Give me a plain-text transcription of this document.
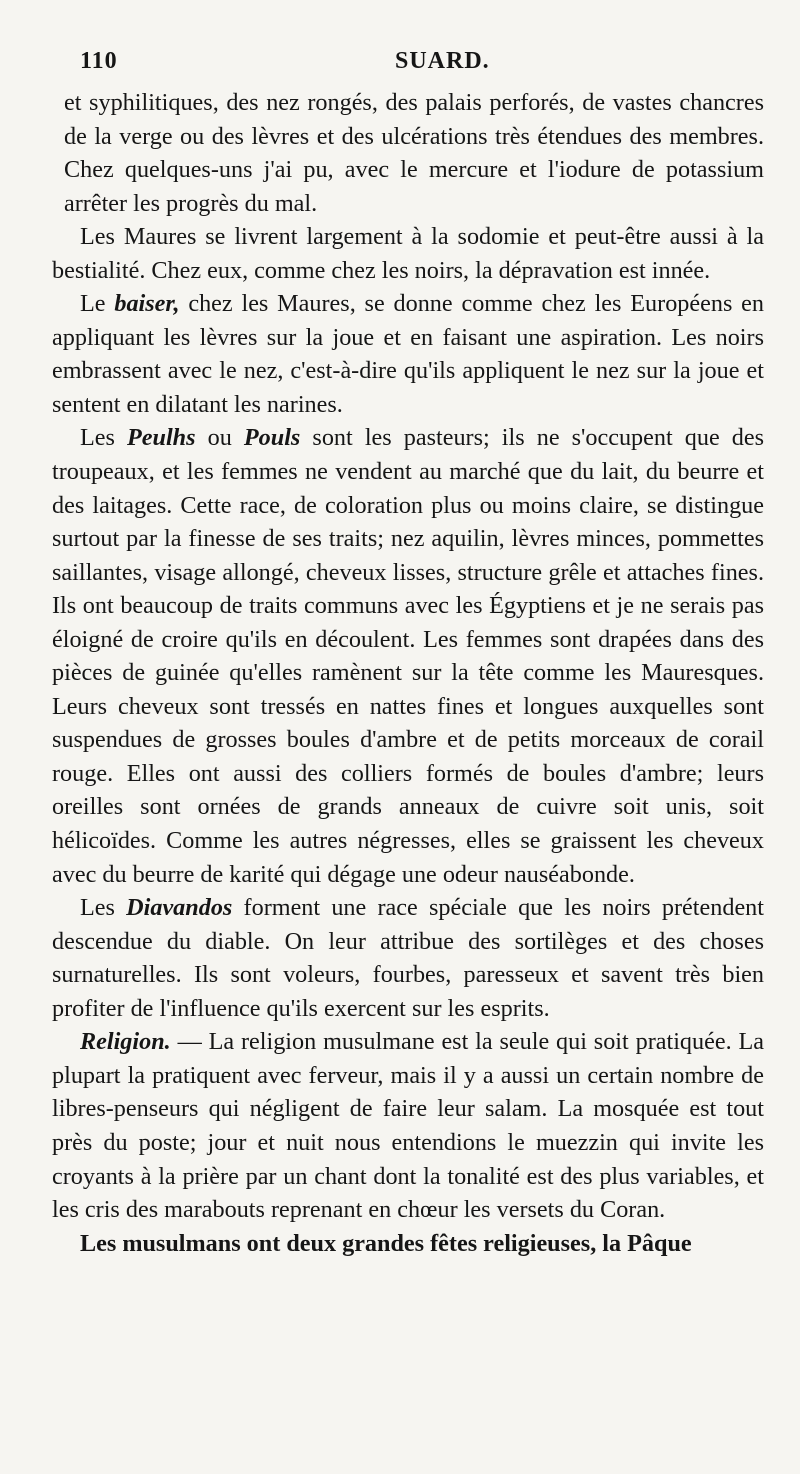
110	SUARD.

et syphilitiques, des nez rongés, des palais perforés, de vastes chancres de la verge ou des lèvres et des ulcérations très étendues des membres. Chez quelques-uns j'ai pu, avec le mercure et l'iodure de potassium arrêter les progrès du mal.

Les Maures se livrent largement à la sodomie et peut-être aussi à la bestialité. Chez eux, comme chez les noirs, la dépravation est innée.

Le baiser, chez les Maures, se donne comme chez les Européens en appliquant les lèvres sur la joue et en faisant une aspiration. Les noirs embrassent avec le nez, c'est-à-dire qu'ils appliquent le nez sur la joue et sentent en dilatant les narines.

Les Peulhs ou Pouls sont les pasteurs; ils ne s'occupent que des troupeaux, et les femmes ne vendent au marché que du lait, du beurre et des laitages. Cette race, de coloration plus ou moins claire, se distingue surtout par la finesse de ses traits; nez aquilin, lèvres minces, pommettes saillantes, visage allongé, cheveux lisses, structure grêle et attaches fines. Ils ont beaucoup de traits communs avec les Égyptiens et je ne serais pas éloigné de croire qu'ils en découlent. Les femmes sont drapées dans des pièces de guinée qu'elles ramènent sur la tête comme les Mauresques. Leurs cheveux sont tressés en nattes fines et longues auxquelles sont suspendues de grosses boules d'ambre et de petits morceaux de corail rouge. Elles ont aussi des colliers formés de boules d'ambre; leurs oreilles sont ornées de grands anneaux de cuivre soit unis, soit hélicoïdes. Comme les autres négresses, elles se graissent les cheveux avec du beurre de karité qui dégage une odeur nauséabonde.

Les Diavandos forment une race spéciale que les noirs prétendent descendue du diable. On leur attribue des sortilèges et des choses surnaturelles. Ils sont voleurs, fourbes, paresseux et savent très bien profiter de l'influence qu'ils exercent sur les esprits.

Religion. — La religion musulmane est la seule qui soit pratiquée. La plupart la pratiquent avec ferveur, mais il y a aussi un certain nombre de libres-penseurs qui négligent de faire leur salam. La mosquée est tout près du poste; jour et nuit nous entendions le muezzin qui invite les croyants à la prière par un chant dont la tonalité est des plus variables, et les cris des marabouts reprenant en chœur les versets du Coran.

Les musulmans ont deux grandes fêtes religieuses, la Pâque
